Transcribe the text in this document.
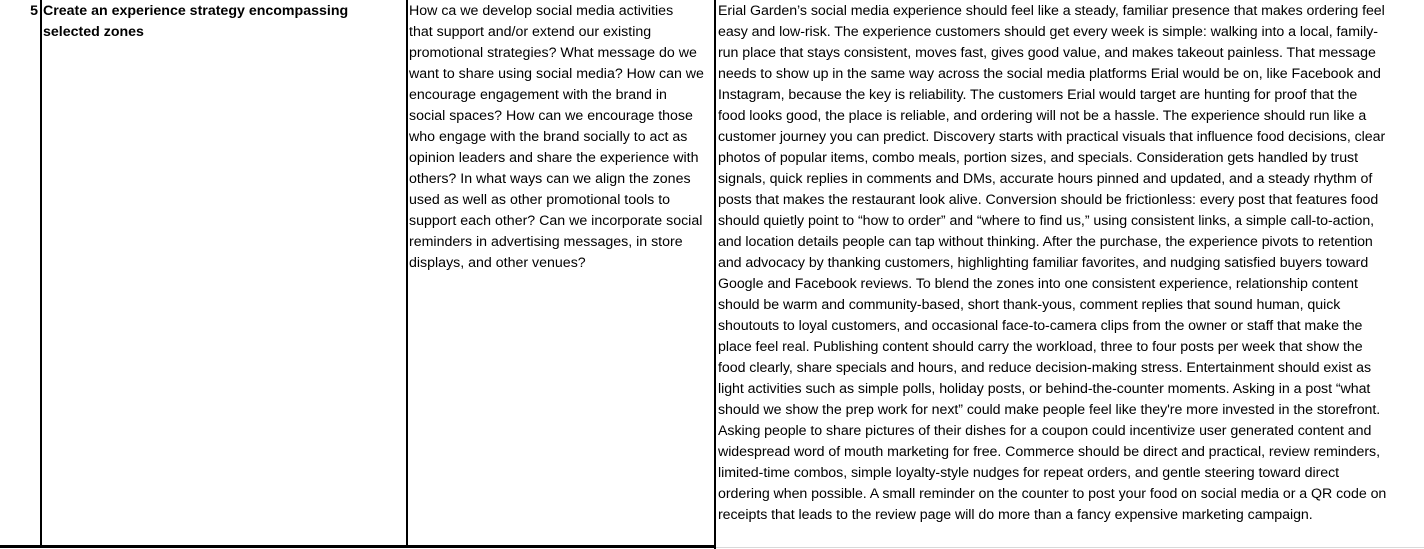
5 Create an experience strategy encompassing
selected zones
How ca we develop social media activities
that support and/or extend our existing
promotional strategies? What message do we
want to share using social media? How can we
encourage engagement with the brand in
social spaces? How can we encourage those
who engage with the brand socially to act as
opinion leaders and share the experience with
others? In what ways can we align the zones
used as well as other promotional tools to
support each other? Can we incorporate social
reminders in advertising messages, in store
displays, and other venues?
Erial Garden’s social media experience should feel like a steady, familiar presence that makes ordering feel
easy and low-risk. The experience customers should get every week is simple: walking into a local, family-
run place that stays consistent, moves fast, gives good value, and makes takeout painless. That message
needs to show up in the same way across the social media platforms Erial would be on, like Facebook and
Instagram, because the key is reliability. The customers Erial would target are hunting for proof that the
food looks good, the place is reliable, and ordering will not be a hassle. The experience should run like a
customer journey you can predict. Discovery starts with practical visuals that influence food decisions, clear
photos of popular items, combo meals, portion sizes, and specials. Consideration gets handled by trust
signals, quick replies in comments and DMs, accurate hours pinned and updated, and a steady rhythm of
posts that makes the restaurant look alive. Conversion should be frictionless: every post that features food
should quietly point to “how to order” and “where to find us,” using consistent links, a simple call-to-action,
and location details people can tap without thinking. After the purchase, the experience pivots to retention
and advocacy by thanking customers, highlighting familiar favorites, and nudging satisfied buyers toward
Google and Facebook reviews. To blend the zones into one consistent experience, relationship content
should be warm and community-based, short thank-yous, comment replies that sound human, quick
shoutouts to loyal customers, and occasional face-to-camera clips from the owner or staff that make the
place feel real. Publishing content should carry the workload, three to four posts per week that show the
food clearly, share specials and hours, and reduce decision-making stress. Entertainment should exist as
light activities such as simple polls, holiday posts, or behind-the-counter moments. Asking in a post “what
should we show the prep work for next” could make people feel like they're more invested in the storefront.
Asking people to share pictures of their dishes for a coupon could incentivize user generated content and
widespread word of mouth marketing for free. Commerce should be direct and practical, review reminders,
limited-time combos, simple loyalty-style nudges for repeat orders, and gentle steering toward direct
ordering when possible. A small reminder on the counter to post your food on social media or a QR code on
receipts that leads to the review page will do more than a fancy expensive marketing campaign.
